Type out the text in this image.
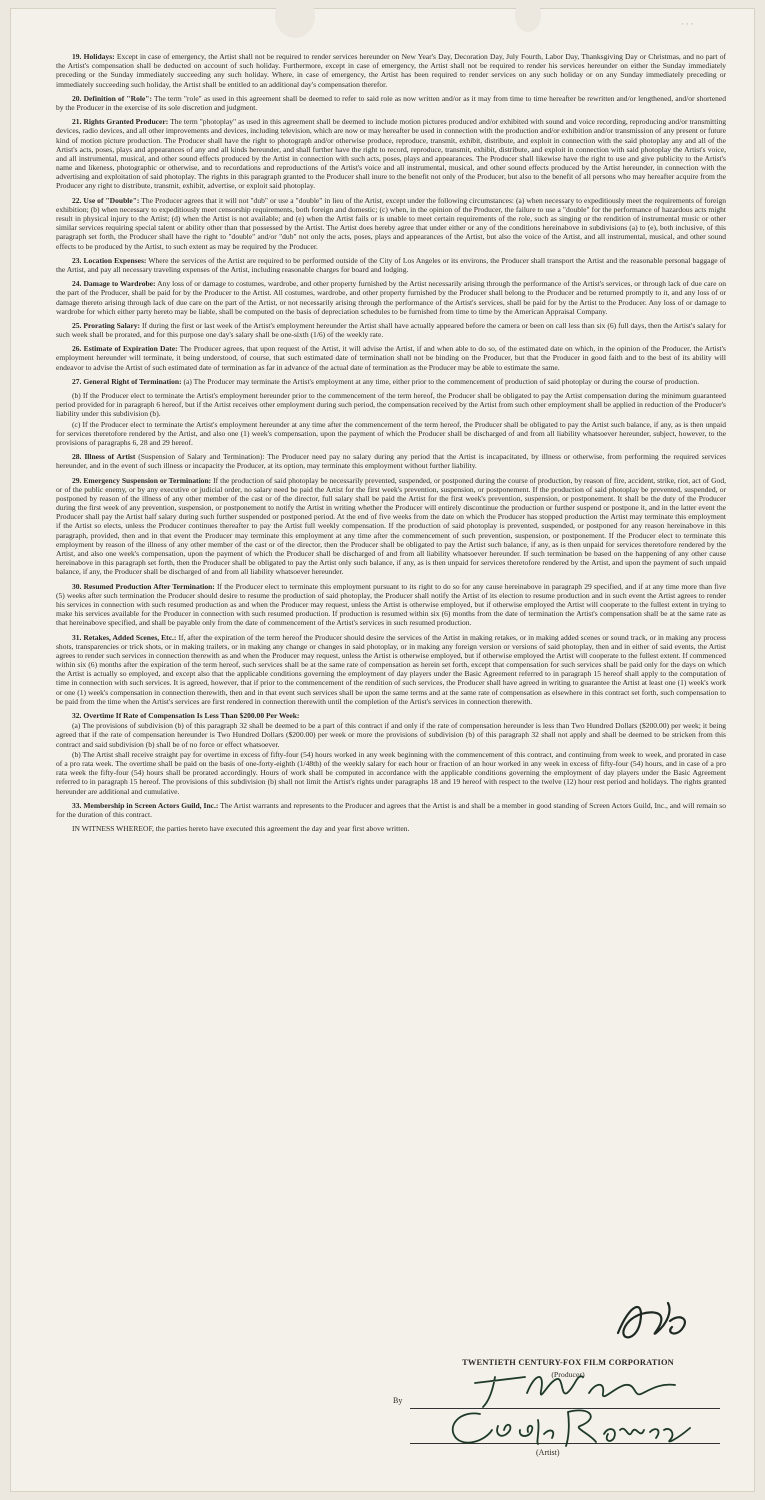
···

19. Holidays: Except in case of emergency, the Artist shall not be required to render services hereunder on New Year's Day, Decoration Day, July Fourth, Labor Day, Thanksgiving Day or Christmas, and no part of the Artist's compensation shall be deducted on account of such holiday. Furthermore, except in case of emergency, the Artist shall not be required to render his services hereunder on either the Sunday immediately preceding or the Sunday immediately succeeding any such holiday. Where, in case of emergency, the Artist has been required to render services on any such holiday or on any Sunday immediately preceding or immediately succeeding such holiday, the Artist shall be entitled to an additional day's compensation therefor.

20. Definition of "Role": The term "role" as used in this agreement shall be deemed to refer to said role as now written and/or as it may from time to time hereafter be rewritten and/or lengthened, and/or shortened by the Producer in the exercise of its sole discretion and judgment.

21. Rights Granted Producer: The term "photoplay" as used in this agreement shall be deemed to include motion pictures produced and/or exhibited with sound and voice recording, reproducing and/or transmitting devices, radio devices, and all other improvements and devices, including television, which are now or may hereafter be used in connection with the production and/or exhibition and/or transmission of any present or future kind of motion picture production. The Producer shall have the right to photograph and/or otherwise produce, reproduce, transmit, exhibit, distribute, and exploit in connection with the said photoplay any and all of the Artist's acts, poses, plays and appearances of any and all kinds hereunder, and shall further have the right to record, reproduce, transmit, exhibit, distribute, and exploit in connection with said photoplay the Artist's voice, and all instrumental, musical, and other sound effects produced by the Artist in connection with such acts, poses, plays and appearances. The Producer shall likewise have the right to use and give publicity to the Artist's name and likeness, photographic or otherwise, and to recordations and reproductions of the Artist's voice and all instrumental, musical, and other sound effects produced by the Artist hereunder, in connection with the advertising and exploitation of said photoplay. The rights in this paragraph granted to the Producer shall inure to the benefit not only of the Producer, but also to the benefit of all persons who may hereafter acquire from the Producer any right to distribute, transmit, exhibit, advertise, or exploit said photoplay.

22. Use of "Double": The Producer agrees that it will not "dub" or use a "double" in lieu of the Artist, except under the following circumstances: (a) when necessary to expeditiously meet the requirements of foreign exhibition; (b) when necessary to expeditiously meet censorship requirements, both foreign and domestic; (c) when, in the opinion of the Producer, the failure to use a "double" for the performance of hazardous acts might result in physical injury to the Artist; (d) when the Artist is not available; and (e) when the Artist fails or is unable to meet certain requirements of the role, such as singing or the rendition of instrumental music or other similar services requiring special talent or ability other than that possessed by the Artist. The Artist does hereby agree that under either or any of the conditions hereinabove in subdivisions (a) to (e), both inclusive, of this paragraph set forth, the Producer shall have the right to "double" and/or "dub" not only the acts, poses, plays and appearances of the Artist, but also the voice of the Artist, and all instrumental, musical, and other sound effects to be produced by the Artist, to such extent as may be required by the Producer.

23. Location Expenses: Where the services of the Artist are required to be performed outside of the City of Los Angeles or its environs, the Producer shall transport the Artist and the reasonable personal baggage of the Artist, and pay all necessary traveling expenses of the Artist, including reasonable charges for board and lodging.

24. Damage to Wardrobe: Any loss of or damage to costumes, wardrobe, and other property furnished by the Artist necessarily arising through the performance of the Artist's services, or through lack of due care on the part of the Producer, shall be paid for by the Producer to the Artist. All costumes, wardrobe, and other property furnished by the Producer shall belong to the Producer and be returned promptly to it, and any loss of or damage thereto arising through lack of due care on the part of the Artist, or not necessarily arising through the performance of the Artist's services, shall be paid for by the Artist to the Producer. Any loss of or damage to wardrobe for which either party hereto may be liable, shall be computed on the basis of depreciation schedules to be furnished from time to time by the American Appraisal Company.

25. Prorating Salary: If during the first or last week of the Artist's employment hereunder the Artist shall have actually appeared before the camera or been on call less than six (6) full days, then the Artist's salary for such week shall be prorated, and for this purpose one day's salary shall be one-sixth (1/6) of the weekly rate.

26. Estimate of Expiration Date: The Producer agrees, that upon request of the Artist, it will advise the Artist, if and when able to do so, of the estimated date on which, in the opinion of the Producer, the Artist's employment hereunder will terminate, it being understood, of course, that such estimated date of termination shall not be binding on the Producer, but that the Producer in good faith and to the best of its ability will endeavor to advise the Artist of such estimated date of termination as far in advance of the actual date of termination as the Producer may be able to estimate the same.

27. General Right of Termination: (a) The Producer may terminate the Artist's employment at any time, either prior to the commencement of production of said photoplay or during the course of production.

(b) If the Producer elect to terminate the Artist's employment hereunder prior to the commencement of the term hereof, the Producer shall be obligated to pay the Artist compensation during the minimum guaranteed period provided for in paragraph 6 hereof, but if the Artist receives other employment during such period, the compensation received by the Artist from such other employment shall be applied in reduction of the Producer's liability under this subdivision (b).

(c) If the Producer elect to terminate the Artist's employment hereunder at any time after the commencement of the term hereof, the Producer shall be obligated to pay the Artist such balance, if any, as is then unpaid for services theretofore rendered by the Artist, and also one (1) week's compensation, upon the payment of which the Producer shall be discharged of and from all liability whatsoever hereunder, subject, however, to the provisions of paragraphs 6, 28 and 29 hereof.

28. Illness of Artist (Suspension of Salary and Termination): The Producer need pay no salary during any period that the Artist is incapacitated, by illness or otherwise, from performing the required services hereunder, and in the event of such illness or incapacity the Producer, at its option, may terminate this employment without further liability.

29. Emergency Suspension or Termination: If the production of said photoplay be necessarily prevented, suspended, or postponed during the course of production, by reason of fire, accident, strike, riot, act of God, or of the public enemy, or by any executive or judicial order, no salary need be paid the Artist for the first week's prevention, suspension, or postponement. If the production of said photoplay be prevented, suspended, or postponed by reason of the illness of any other member of the cast or of the director, full salary shall be paid the Artist for the first week's prevention, suspension, or postponement. It shall be the duty of the Producer during the first week of any prevention, suspension, or postponement to notify the Artist in writing whether the Producer will entirely discontinue the production or further suspend or postpone it, and in the latter event the Producer shall pay the Artist half salary during such further suspended or postponed period. At the end of five weeks from the date on which the Producer has stopped production the Artist may terminate this employment if the Artist so elects, unless the Producer continues thereafter to pay the Artist full weekly compensation. If the production of said photoplay is prevented, suspended, or postponed for any reason hereinabove in this paragraph, provided, then and in that event the Producer may terminate this employment at any time after the commencement of such prevention, suspension, or postponement. If the Producer elect to terminate this employment by reason of the illness of any other member of the cast or of the director, then the Producer shall be obligated to pay the Artist such balance, if any, as is then unpaid for services theretofore rendered by the Artist, and also one week's compensation, upon the payment of which the Producer shall be discharged of and from all liability whatsoever hereunder. If such termination be based on the happening of any other cause hereinabove in this paragraph set forth, then the Producer shall be obligated to pay the Artist only such balance, if any, as is then unpaid for services theretofore rendered by the Artist, and upon the payment of such unpaid balance, if any, the Producer shall be discharged of and from all liability whatsoever hereunder.

30. Resumed Production After Termination: If the Producer elect to terminate this employment pursuant to its right to do so for any cause hereinabove in paragraph 29 specified, and if at any time more than five (5) weeks after such termination the Producer should desire to resume the production of said photoplay, the Producer shall notify the Artist of its election to resume production and in such event the Artist agrees to render his services in connection with such resumed production as and when the Producer may request, unless the Artist is otherwise employed, but if otherwise employed the Artist will cooperate to the fullest extent in trying to make his services available for the Producer in connection with such resumed production. If production is resumed within six (6) months from the date of termination the Artist's compensation shall be at the same rate as that hereinabove specified, and shall be payable only from the date of commencement of the Artist's services in such resumed production.

31. Retakes, Added Scenes, Etc.: If, after the expiration of the term hereof the Producer should desire the services of the Artist in making retakes, or in making added scenes or sound track, or in making any process shots, transparencies or trick shots, or in making trailers, or in making any change or changes in said photoplay, or in making any foreign version or versions of said photoplay, then and in either of said events, the Artist agrees to render such services in connection therewith as and when the Producer may request, unless the Artist is otherwise employed, but if otherwise employed the Artist will cooperate to the fullest extent. If commenced within six (6) months after the expiration of the term hereof, such services shall be at the same rate of compensation as herein set forth, except that compensation for such services shall be paid only for the days on which the Artist is actually so employed, and except also that the applicable conditions governing the employment of day players under the Basic Agreement referred to in paragraph 15 hereof shall apply to the computation of time in connection with such services. It is agreed, however, that if prior to the commencement of the rendition of such services, the Producer shall have agreed in writing to guarantee the Artist at least one (1) week's work or one (1) week's compensation in connection therewith, then and in that event such services shall be upon the same terms and at the same rate of compensation as elsewhere in this contract set forth, such compensation to be paid from the time when the Artist's services are first rendered in connection therewith until the completion of the Artist's services in connection therewith.

32. Overtime If Rate of Compensation Is Less Than $200.00 Per Week:

(a) The provisions of subdivision (b) of this paragraph 32 shall be deemed to be a part of this contract if and only if the rate of compensation hereunder is less than Two Hundred Dollars ($200.00) per week; it being agreed that if the rate of compensation hereunder is Two Hundred Dollars ($200.00) per week or more the provisions of subdivision (b) of this paragraph 32 shall not apply and shall be deemed to be stricken from this contract and said subdivision (b) shall be of no force or effect whatsoever.

(b) The Artist shall receive straight pay for overtime in excess of fifty-four (54) hours worked in any week beginning with the commencement of this contract, and continuing from week to week, and prorated in case of a pro rata week. The overtime shall be paid on the basis of one-forty-eighth (1/48th) of the weekly salary for each hour or fraction of an hour worked in any week in excess of fifty-four (54) hours, and in case of a pro rata week the fifty-four (54) hours shall be prorated accordingly. Hours of work shall be computed in accordance with the applicable conditions governing the employment of day players under the Basic Agreement referred to in paragraph 15 hereof. The provisions of this subdivision (b) shall not limit the Artist's rights under paragraphs 18 and 19 hereof with respect to the twelve (12) hour rest period and holidays. The rights granted hereunder are additional and cumulative.

33. Membership in Screen Actors Guild, Inc.: The Artist warrants and represents to the Producer and agrees that the Artist is and shall be a member in good standing of Screen Actors Guild, Inc., and will remain so for the duration of this contract.

IN WITNESS WHEREOF, the parties hereto have executed this agreement the day and year first above written.

TWENTIETH CENTURY-FOX FILM CORPORATION
(Producer)
By
(Artist)
